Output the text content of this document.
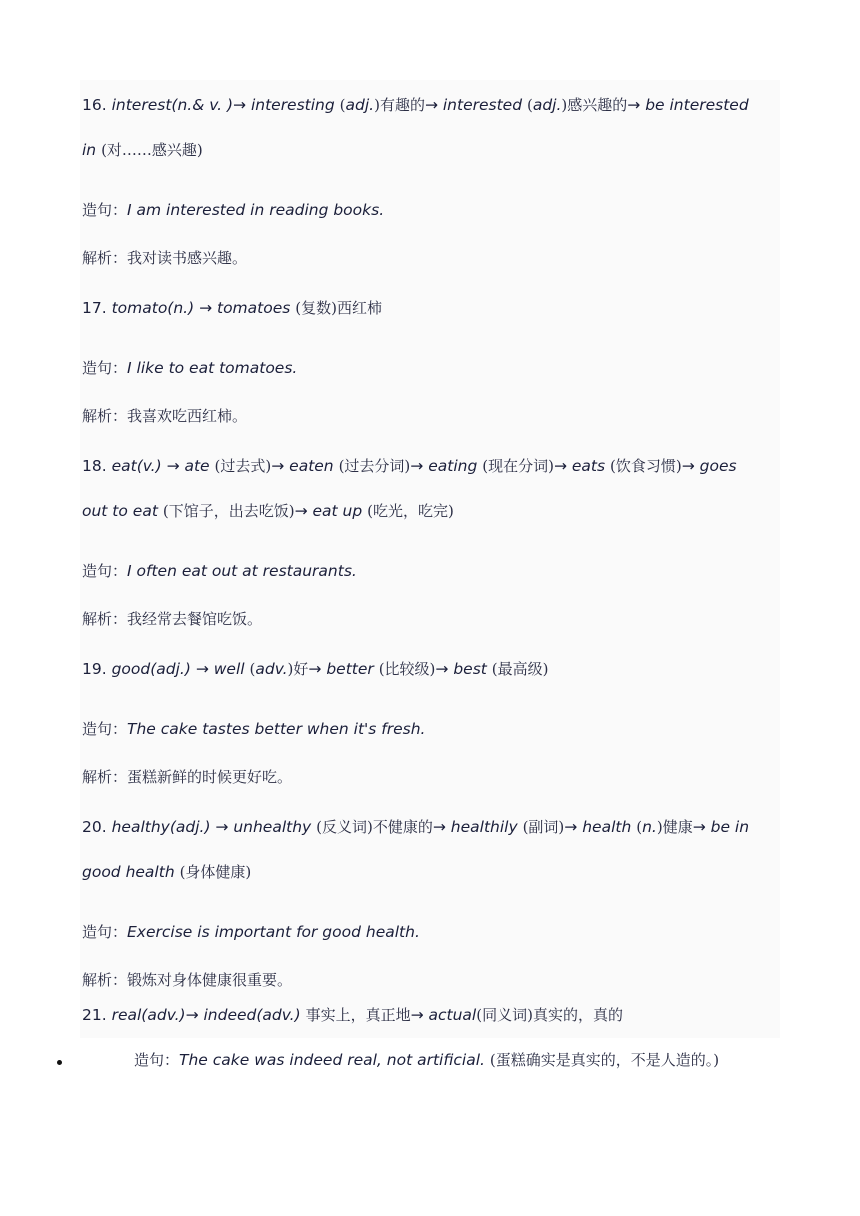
16. interest(n.& v. )→ interesting (adj.)有趣的→ interested (adj.)感兴趣的→ be interested
in (对……感兴趣)
造句：I am interested in reading books.
解析：我对读书感兴趣。
17. tomato(n.) → tomatoes (复数)西红柿
造句：I like to eat tomatoes.
解析：我喜欢吃西红柿。
18. eat(v.) → ate (过去式)→ eaten (过去分词)→ eating (现在分词)→ eats (饮食习惯)→ goes
out to eat (下馆子，出去吃饭)→ eat up (吃光，吃完)
造句：I often eat out at restaurants.
解析：我经常去餐馆吃饭。
19. good(adj.) → well (adv.)好→ better (比较级)→ best (最高级)
造句：The cake tastes better when it's fresh.
解析：蛋糕新鲜的时候更好吃。
20. healthy(adj.) → unhealthy (反义词)不健康的→ healthily (副词)→ health (n.)健康→ be in
good health (身体健康)
造句：Exercise is important for good health.
解析：锻炼对身体健康很重要。
21. real(adv.)→ indeed(adv.) 事实上，真正地→ actual(同义词)真实的，真的
造句：The cake was indeed real, not artificial. (蛋糕确实是真实的，不是人造的。)
